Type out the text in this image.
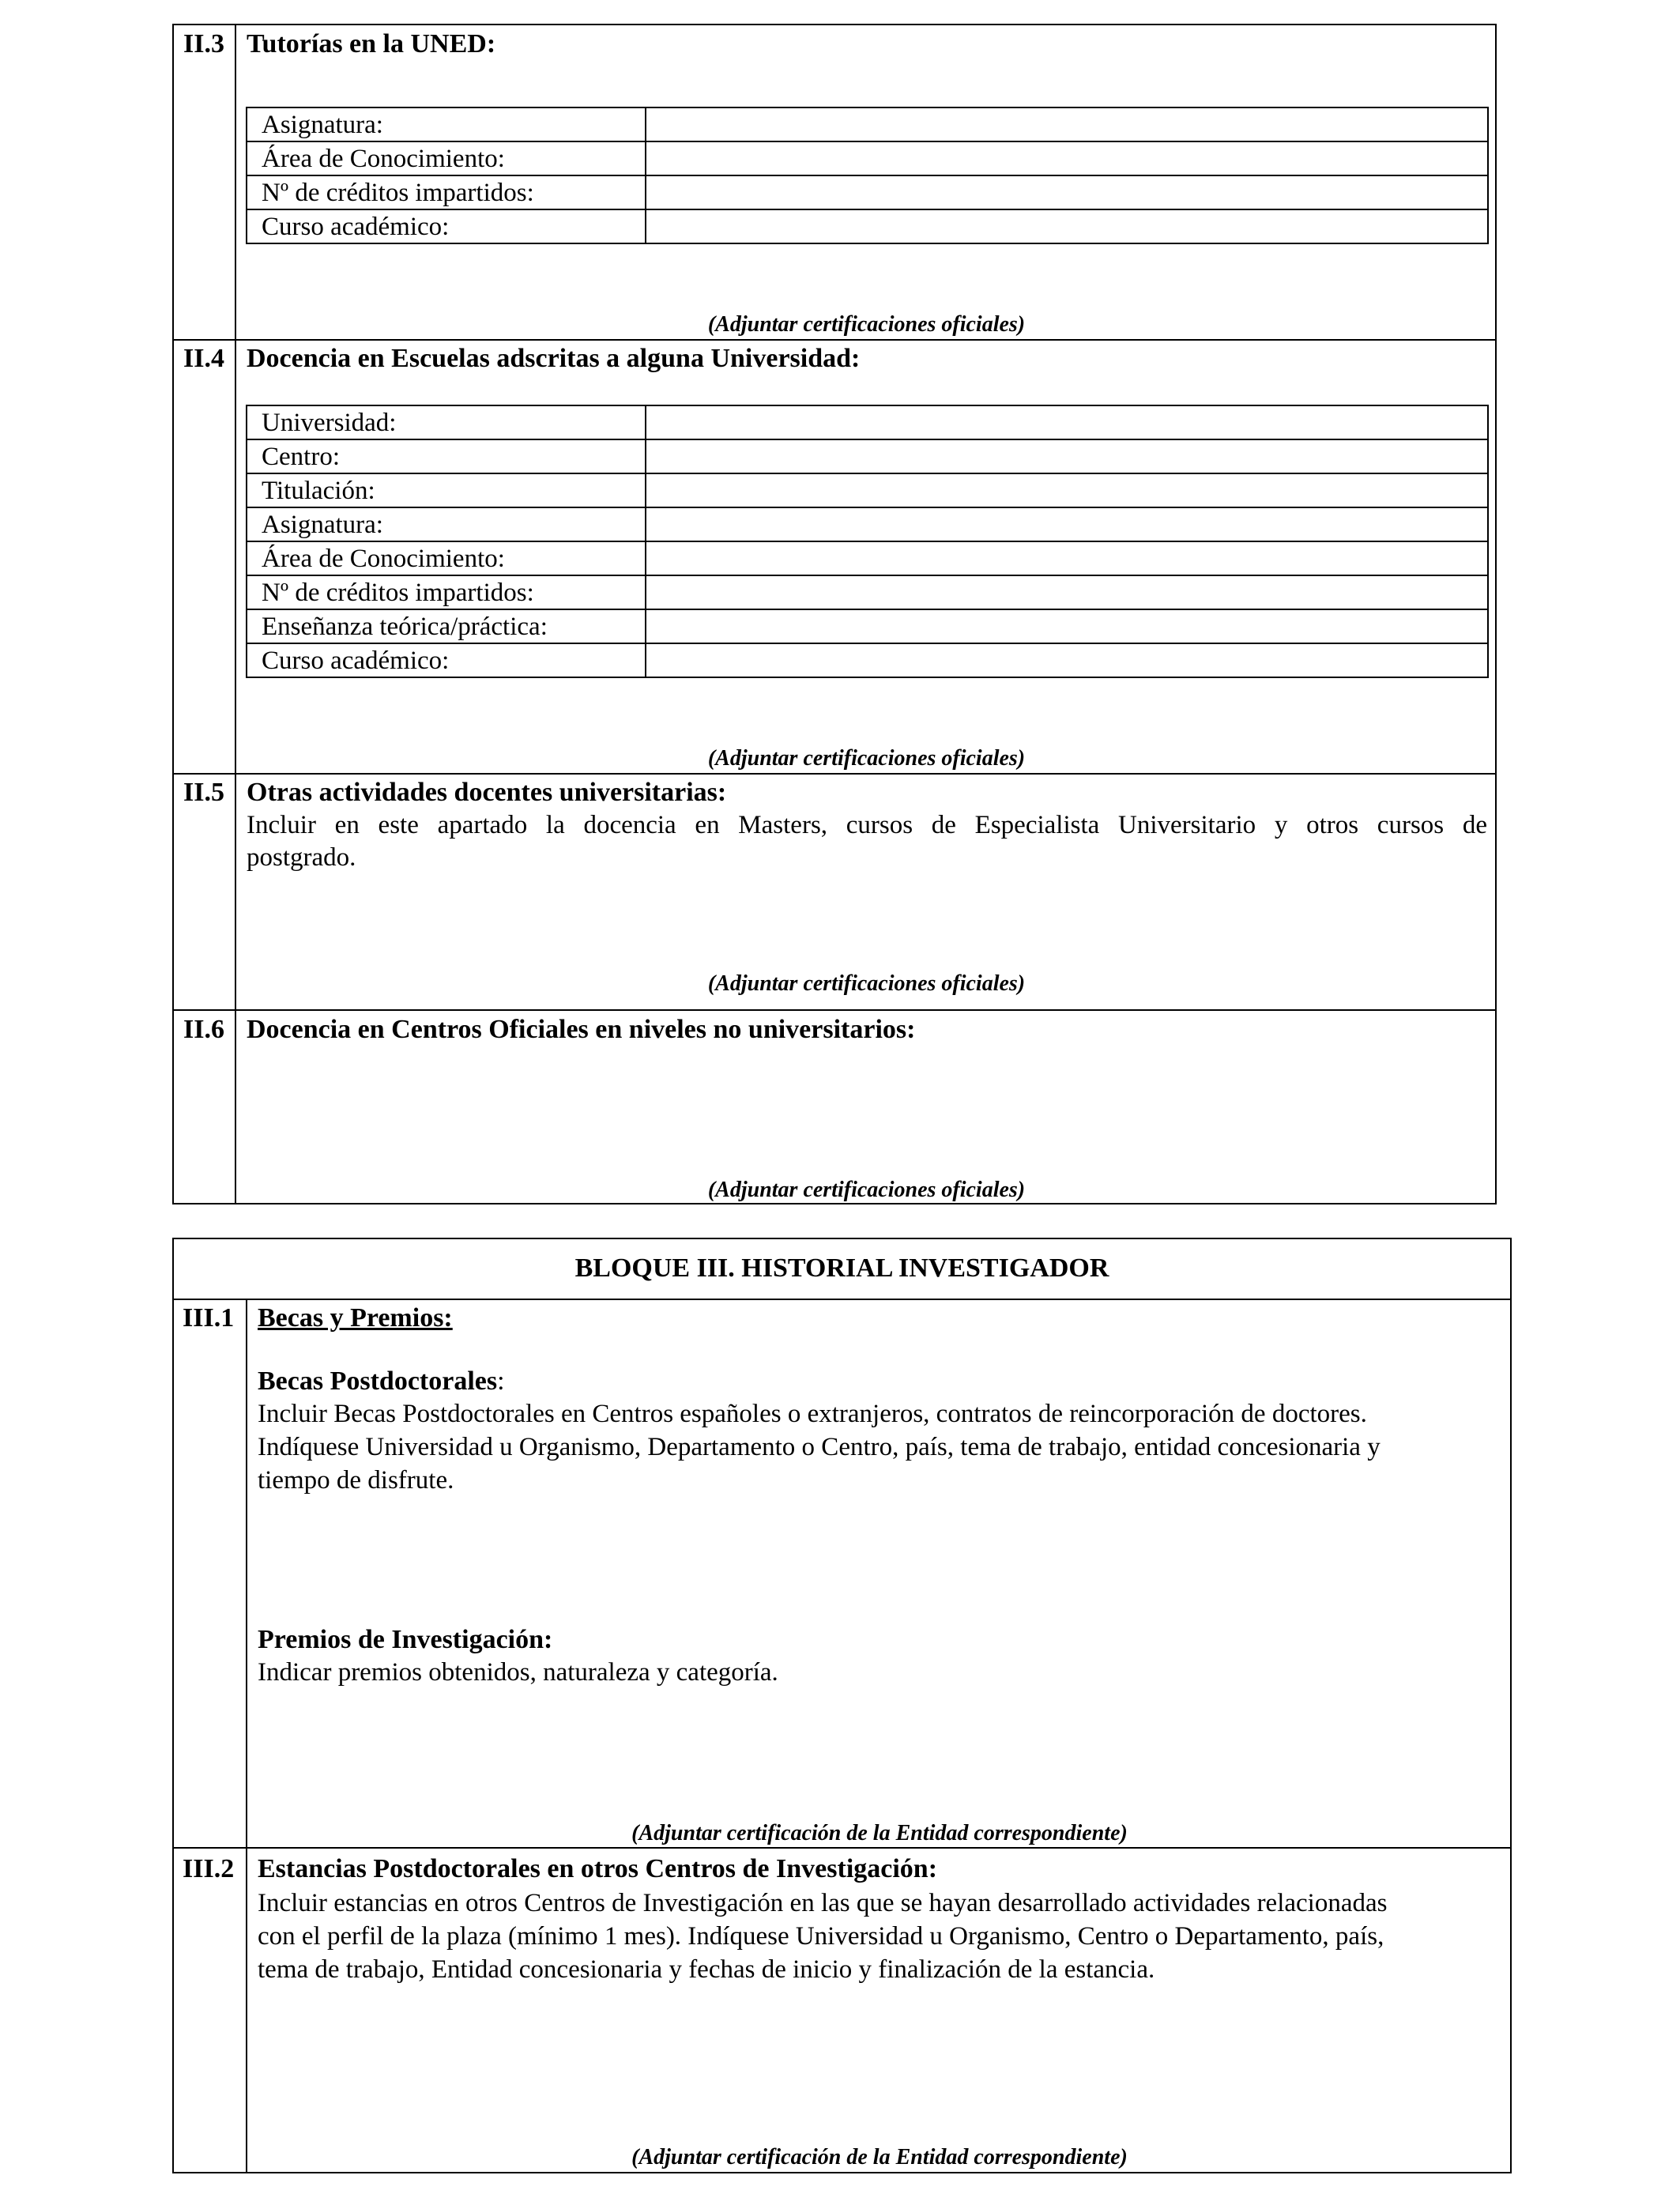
II.3 Tutorías en la UNED:
Asignatura:	
Área de Conocimiento:	
Nº de créditos impartidos:	
Curso académico:	
(Adjuntar certificaciones oficiales)
II.4 Docencia en Escuelas adscritas a alguna Universidad:
Universidad:	
Centro:	
Titulación:	
Asignatura:	
Área de Conocimiento:	
Nº de créditos impartidos:	
Enseñanza teórica/práctica:	
Curso académico:	
(Adjuntar certificaciones oficiales)
II.5 Otras actividades docentes universitarias:
Incluir en este apartado la docencia en Masters, cursos de Especialista Universitario y otros cursos de
postgrado.
(Adjuntar certificaciones oficiales)
II.6 Docencia en Centros Oficiales en niveles no universitarios:
(Adjuntar certificaciones oficiales)
BLOQUE III. HISTORIAL INVESTIGADOR
III.1 Becas y Premios:
Becas Postdoctorales:
Incluir Becas Postdoctorales en Centros españoles o extranjeros, contratos de reincorporación de doctores.
Indíquese Universidad u Organismo, Departamento o Centro, país, tema de trabajo, entidad concesionaria y
tiempo de disfrute.
Premios de Investigación:
Indicar premios obtenidos, naturaleza y categoría.
(Adjuntar certificación de la Entidad correspondiente)
III.2 Estancias Postdoctorales en otros Centros de Investigación:
Incluir estancias en otros Centros de Investigación en las que se hayan desarrollado actividades relacionadas
con el perfil de la plaza (mínimo 1 mes). Indíquese Universidad u Organismo, Centro o Departamento, país,
tema de trabajo, Entidad concesionaria y fechas de inicio y finalización de la estancia.
(Adjuntar certificación de la Entidad correspondiente)
